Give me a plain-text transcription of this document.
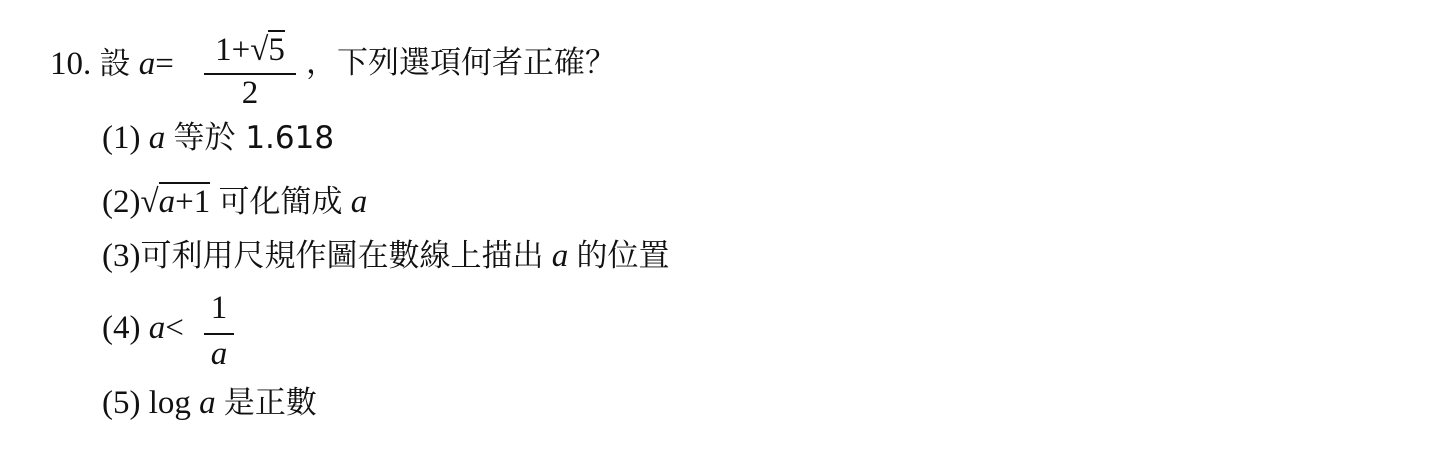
10. 設 a=	1+√5
2
，下列選項何者正確？
(1) a 等於 1.618
(2)√a+1 可化簡成 a
(3)可利用尺規作圖在數線上描出 a 的位置
(4) a<
1
a
(5) log a 是正數
